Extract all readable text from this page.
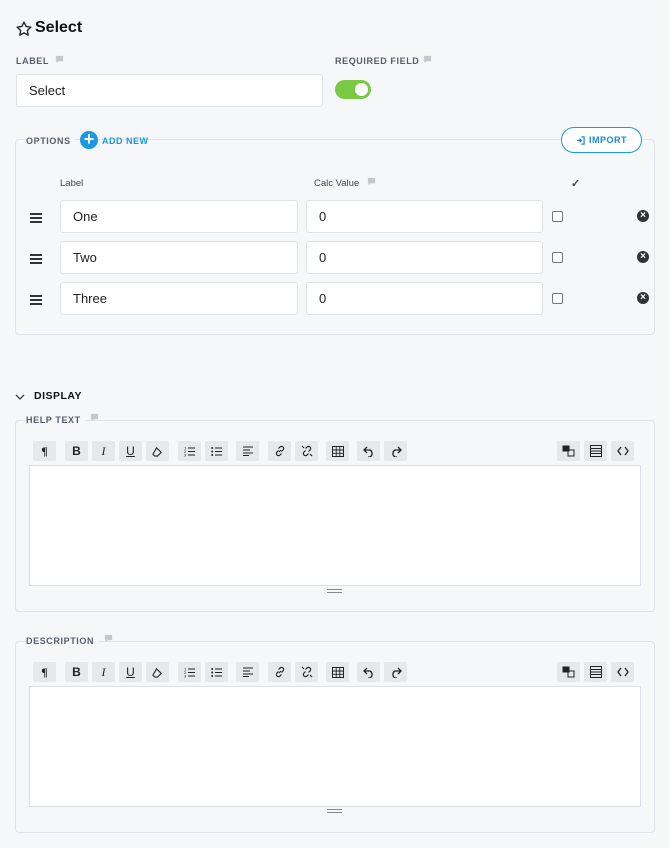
Select
LABEL
Select
REQUIRED FIELD
OPTIONS + ADD NEW	IMPORT
Label	Calc Value	✓
One	0	×
Two	0	×
Three	0	×
DISPLAY
HELP TEXT
¶	B	I	U	1
2
3
DESCRIPTION
¶	B	I	U	1
2
3
